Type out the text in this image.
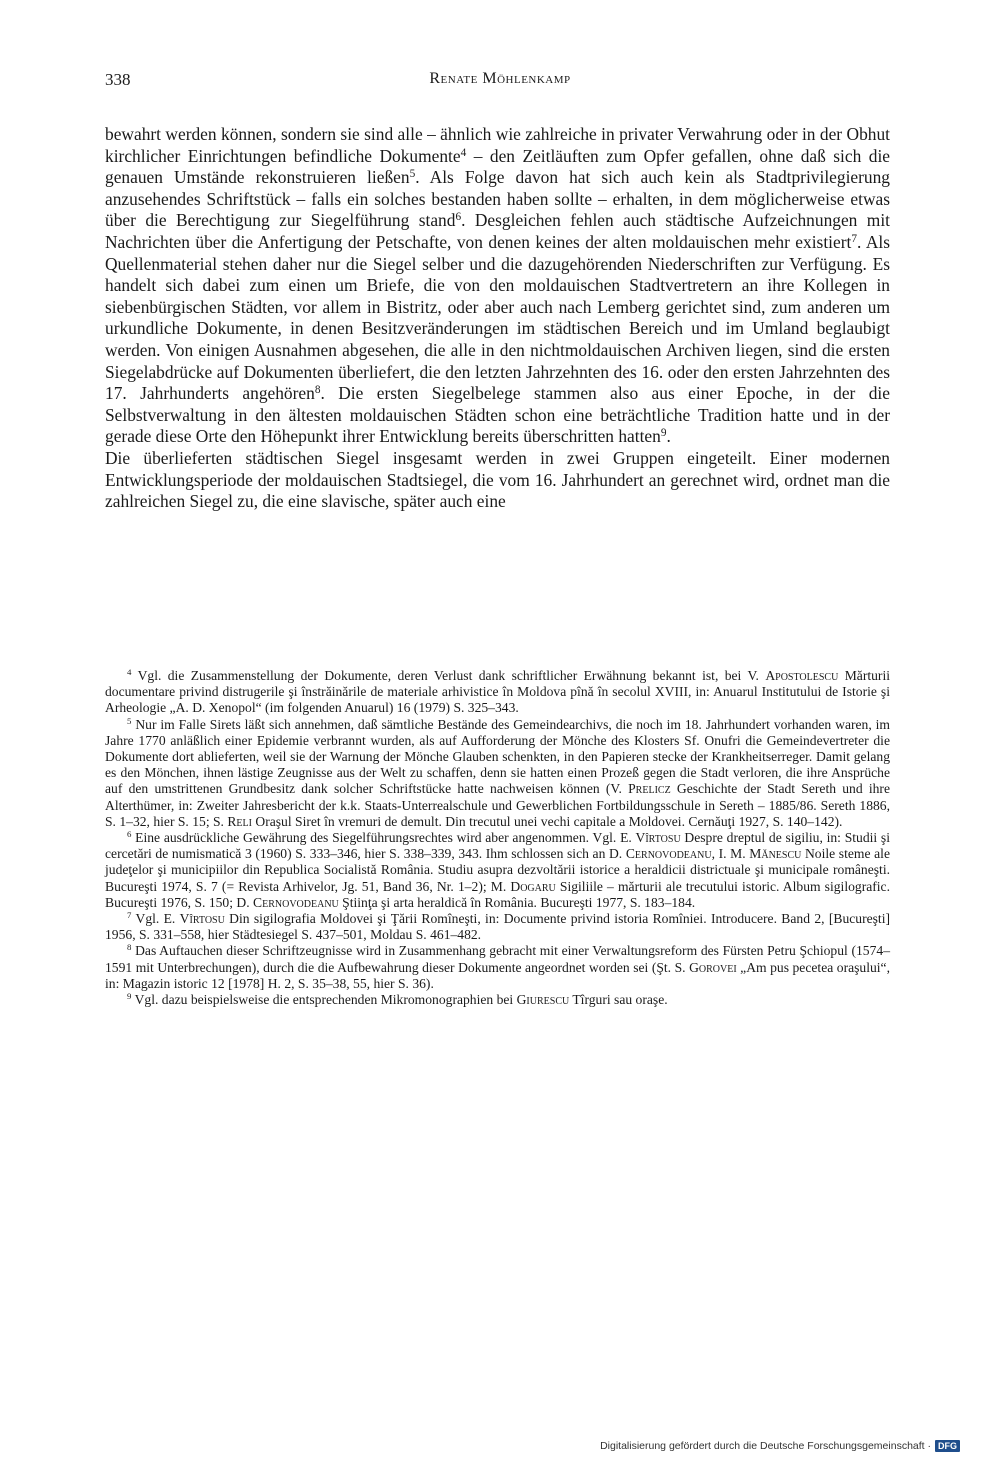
338	Renate Möhlenkamp

bewahrt werden können, sondern sie sind alle – ähnlich wie zahlreiche in privater Verwahrung oder in der Obhut kirchlicher Einrichtungen befindliche Dokumente$^4$ – den Zeitläuften zum Opfer gefallen, ohne daß sich die genauen Umstände rekonstruieren ließen$^5$. Als Folge davon hat sich auch kein als Stadtprivilegierung anzusehendes Schriftstück – falls ein solches bestanden haben sollte – erhalten, in dem möglicherweise etwas über die Berechtigung zur Siegelführung stand$^6$. Desgleichen fehlen auch städtische Aufzeichnungen mit Nachrichten über die Anfertigung der Petschafte, von denen keines der alten moldauischen mehr existiert$^7$. Als Quellenmaterial stehen daher nur die Siegel selber und die dazugehörenden Niederschriften zur Verfügung. Es handelt sich dabei zum einen um Briefe, die von den moldauischen Stadtvertretern an ihre Kollegen in siebenbürgischen Städten, vor allem in Bistritz, oder aber auch nach Lemberg gerichtet sind, zum anderen um urkundliche Dokumente, in denen Besitzveränderungen im städtischen Bereich und im Umland beglaubigt werden. Von einigen Ausnahmen abgesehen, die alle in den nichtmoldauischen Archiven liegen, sind die ersten Siegelabdrücke auf Dokumenten überliefert, die den letzten Jahrzehnten des 16. oder den ersten Jahrzehnten des 17. Jahrhunderts angehören$^8$. Die ersten Siegelbelege stammen also aus einer Epoche, in der die Selbstverwaltung in den ältesten moldauischen Städten schon eine beträchtliche Tradition hatte und in der gerade diese Orte den Höhepunkt ihrer Entwicklung bereits überschritten hatten$^9$.

Die überlieferten städtischen Siegel insgesamt werden in zwei Gruppen eingeteilt. Einer modernen Entwicklungsperiode der moldauischen Stadtsiegel, die vom 16. Jahrhundert an gerechnet wird, ordnet man die zahlreichen Siegel zu, die eine slavische, später auch eine

$^4$ Vgl. die Zusammenstellung der Dokumente, deren Verlust dank schriftlicher Erwähnung bekannt ist, bei V. Apostolescu Mărturii documentare privind distrugerile şi înstrăinările de materiale arhivistice în Moldova pînă în secolul XVIII, in: Anuarul Institutului de Istorie şi Arheologie „A. D. Xenopol“ (im folgenden Anuarul) 16 (1979) S. 325–343.

$^5$ Nur im Falle Sirets läßt sich annehmen, daß sämtliche Bestände des Gemeindearchivs, die noch im 18. Jahrhundert vorhanden waren, im Jahre 1770 anläßlich einer Epidemie verbrannt wurden, als auf Aufforderung der Mönche des Klosters Sf. Onufri die Gemeindevertreter die Dokumente dort ablieferten, weil sie der Warnung der Mönche Glauben schenkten, in den Papieren stecke der Krankheitserreger. Damit gelang es den Mönchen, ihnen lästige Zeugnisse aus der Welt zu schaffen, denn sie hatten einen Prozeß gegen die Stadt verloren, die ihre Ansprüche auf den umstrittenen Grundbesitz dank solcher Schriftstücke hatte nachweisen können (V. Prelicz Geschichte der Stadt Sereth und ihre Alterthümer, in: Zweiter Jahresbericht der k.k. Staats-Unterrealschule und Gewerblichen Fortbildungsschule in Sereth – 1885/86. Sereth 1886, S. 1–32, hier S. 15; S. Reli Oraşul Siret în vremuri de demult. Din trecutul unei vechi capitale a Moldovei. Cernăuţi 1927, S. 140–142).

$^6$ Eine ausdrückliche Gewährung des Siegelführungsrechtes wird aber angenommen. Vgl. E. Vîrtosu Despre dreptul de sigiliu, in: Studii şi cercetări de numismatică 3 (1960) S. 333–346, hier S. 338–339, 343. Ihm schlossen sich an D. Cernovodeanu, I. M. Mănescu Noile steme ale judeţelor şi municipiilor din Republica Socialistă România. Studiu asupra dezvoltării istorice a heraldicii districtuale şi municipale româneşti. Bucureşti 1974, S. 7 (= Revista Arhivelor, Jg. 51, Band 36, Nr. 1–2); M. Dogaru Sigiliile – mărturii ale trecutului istoric. Album sigilografic. Bucureşti 1976, S. 150; D. Cernovodeanu Ştiinţa şi arta heraldică în România. Bucureşti 1977, S. 183–184.

$^7$ Vgl. E. Vîrtosu Din sigilografia Moldovei şi Ţării Romîneşti, in: Documente privind istoria Romîniei. Introducere. Band 2, [Bucureşti] 1956, S. 331–558, hier Städtesiegel S. 437–501, Moldau S. 461–482.

$^8$ Das Auftauchen dieser Schriftzeugnisse wird in Zusammenhang gebracht mit einer Verwaltungsreform des Fürsten Petru Şchiopul (1574–1591 mit Unterbrechungen), durch die die Aufbewahrung dieser Dokumente angeordnet worden sei (Şt. S. Gorovei „Am pus pecetea oraşului“, in: Magazin istoric 12 [1978] H. 2, S. 35–38, 55, hier S. 36).

$^9$ Vgl. dazu beispielsweise die entsprechenden Mikromonographien bei Giurescu Tîrguri sau oraşe.

Digitalisierung gefördert durch die Deutsche Forschungsgemeinschaft · DFG
